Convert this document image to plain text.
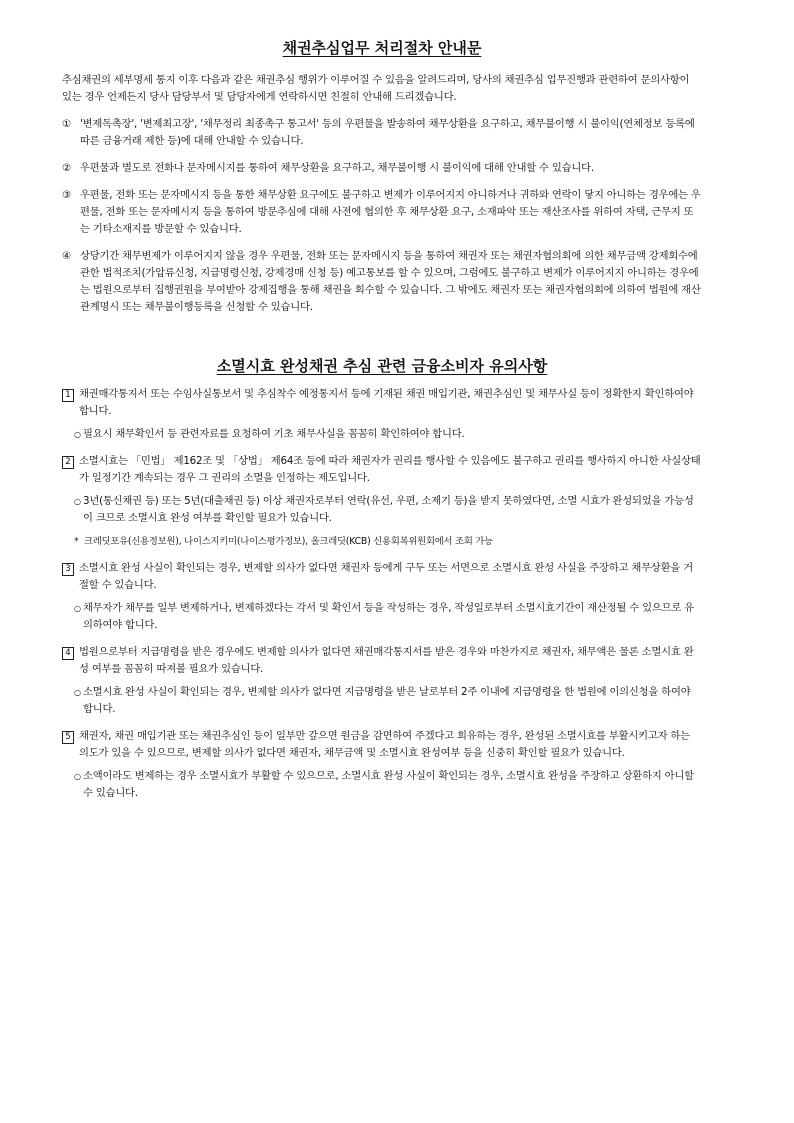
채권추심업무 처리절차 안내문
추심채권의 세부명세 통지 이후 다음과 같은 채권추심 행위가 이루어질 수 있음을 알려드리며, 당사의 채권추심 업무진행과 관련하여 문의사항이 있는 경우 언제든지 당사 담당부서 및 담당자에게 연락하시면 친절히 안내해 드리겠습니다.
① '변제독촉장', '변제최고장', '채무정리 최종촉구 통고서' 등의 우편물을 발송하여 채무상환을 요구하고, 채무불이행 시 불이익(연체정보 등록에 따른 금융거래 제한 등)에 대해 안내할 수 있습니다.
② 우편물과 별도로 전화나 문자메시지를 통하여 채무상환을 요구하고, 채무불이행 시 불이익에 대해 안내할 수 있습니다.
③ 우편물, 전화 또는 문자메시지 등을 통한 채무상환 요구에도 불구하고 변제가 이루어지지 아니하거나 귀하와 연락이 닿지 아니하는 경우에는 우편물, 전화 또는 문자메시지 등을 통하여 방문추심에 대해 사전에 협의한 후 채무상환 요구, 소재파악 또는 재산조사를 위하여 자택, 근무지 또는 기타소재지를 방문할 수 있습니다.
④ 상당기간 채무변제가 이루어지지 않을 경우 우편물, 전화 또는 문자메시지 등을 통하여 채권자 또는 채권자협의회에 의한 채무금액 강제회수에 관한 법적조치(가압류신청, 지급명령신청, 강제경매 신청 등) 예고통보를 할 수 있으며, 그럼에도 불구하고 변제가 이루어지지 아니하는 경우에는 법원으로부터 집행권원을 부여받아 강제집행을 통해 채권을 회수할 수 있습니다. 그 밖에도 채권자 또는 채권자협의회에 의하여 법원에 재산관계명시 또는 채무불이행등록을 신청할 수 있습니다.
소멸시효 완성채권 추심 관련 금융소비자 유의사항
1 채권매각통지서 또는 수임사실통보서 및 추심착수 예정통지서 등에 기재된 채권 매입기관, 채권추심인 및 채무사실 등이 정확한지 확인하여야 합니다.
○ 필요시 채무확인서 등 관련자료를 요청하여 기초 채무사실을 꼼꼼히 확인하여야 합니다.
2 소멸시효는 「민법」 제162조 및 「상법」 제64조 등에 따라 채권자가 권리를 행사할 수 있음에도 불구하고 권리를 행사하지 아니한 사실상태가 일정기간 계속되는 경우 그 권리의 소멸을 인정하는 제도입니다.
○ 3년(통신채권 등) 또는 5년(대출채권 등) 이상 채권자로부터 연락(유선, 우편, 소제기 등)을 받지 못하였다면, 소멸 시효가 완성되었을 가능성이 크므로 소멸시효 완성 여부를 확인할 필요가 있습니다.
* 크레딧포유(신용정보원), 나이스지키미(나이스평가정보), 올크레딧(KCB) 신용회복위원회에서 조회 가능
3 소멸시효 완성 사실이 확인되는 경우, 변제할 의사가 없다면 채권자 등에게 구두 또는 서면으로 소멸시효 완성 사실을 주장하고 채무상환을 거절할 수 있습니다.
○ 채무자가 채무를 일부 변제하거나, 변제하겠다는 각서 및 확인서 등을 작성하는 경우, 작성일로부터 소멸시효기간이 재산정될 수 있으므로 유의하여야 합니다.
4 법원으로부터 지급명령을 받은 경우에도 변제할 의사가 없다면 채권매각통지서를 받은 경우와 마찬가지로 채권자, 채무액은 물론 소멸시효 완성 여부를 꼼꼼히 따져볼 필요가 있습니다.
○ 소멸시효 완성 사실이 확인되는 경우, 변제할 의사가 없다면 지급명령을 받은 날로부터 2주 이내에 지급명령을 한 법원에 이의신청을 하여야 합니다.
5 채권자, 채권 매입기관 또는 채권추심인 등이 일부만 갚으면 원금을 감면하여 주겠다고 회유하는 경우, 완성된 소멸시효를 부활시키고자 하는 의도가 있을 수 있으므로, 변제할 의사가 없다면 채권자, 채무금액 및 소멸시효 완성여부 등을 신중히 확인할 필요가 있습니다.
○ 소액이라도 변제하는 경우 소멸시효가 부활할 수 있으므로, 소멸시효 완성 사실이 확인되는 경우, 소멸시효 완성을 주장하고 상환하지 아니할 수 있습니다.
